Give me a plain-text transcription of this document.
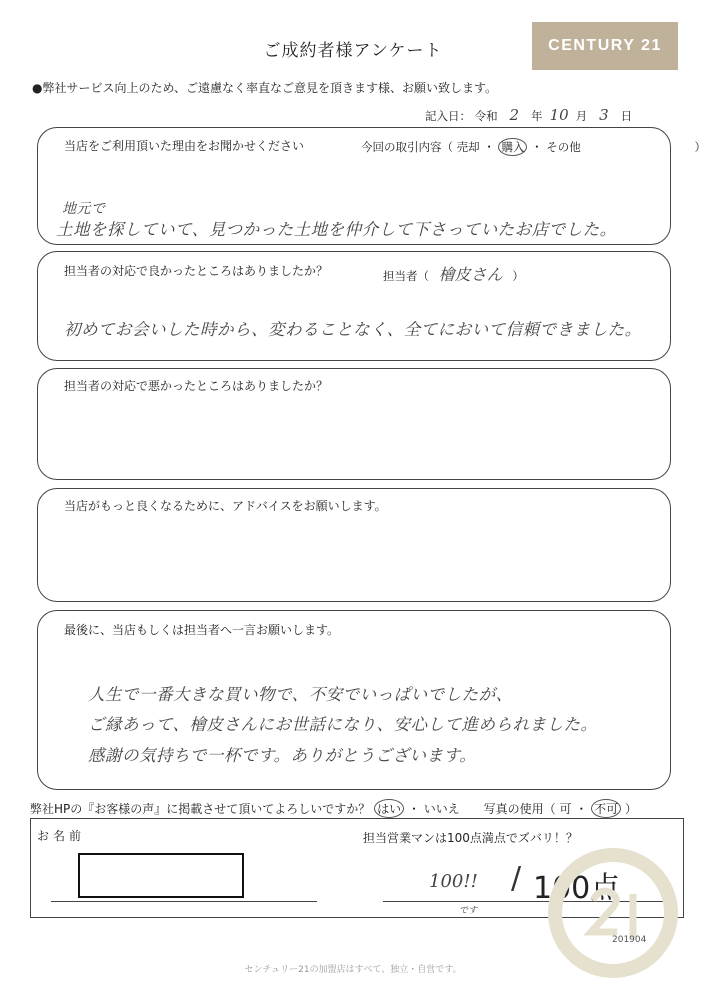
ご成約者様アンケート	CENTURY 21
●弊社サービス向上のため、ご遠慮なく率直なご意見を頂きます様、お願い致します。
記入日： 令和 2 年 10 月 3 日
当店をご利用頂いた理由をお聞かせください	今回の取引内容（ 売却 ・ 購入 ・ その他	）
地元で
土地を探していて、見つかった土地を仲介して下さっていたお店でした。
担当者の対応で良かったところはありましたか？	担当者（ 檜皮さん ）
初めてお会いした時から、変わることなく、全てにおいて信頼できました。
担当者の対応で悪かったところはありましたか？
当店がもっと良くなるために、アドバイスをお願いします。
最後に、当店もしくは担当者へ一言お願いします。
人生で一番大きな買い物で、不安でいっぱいでしたが、
ご縁あって、檜皮さんにお世話になり、安心して進められました。
感謝の気持ちで一杯です。ありがとうございます。
弊社HPの『お客様の声』に掲載させて頂いてよろしいですか？ はい ・ いいえ 写真の使用（ 可 ・ 不可 ）
お名前	担当営業マンは100点満点でズバリ！？
100!!
です
/ 100点
201904
センチュリー21の加盟店はすべて、独立・自営です。
